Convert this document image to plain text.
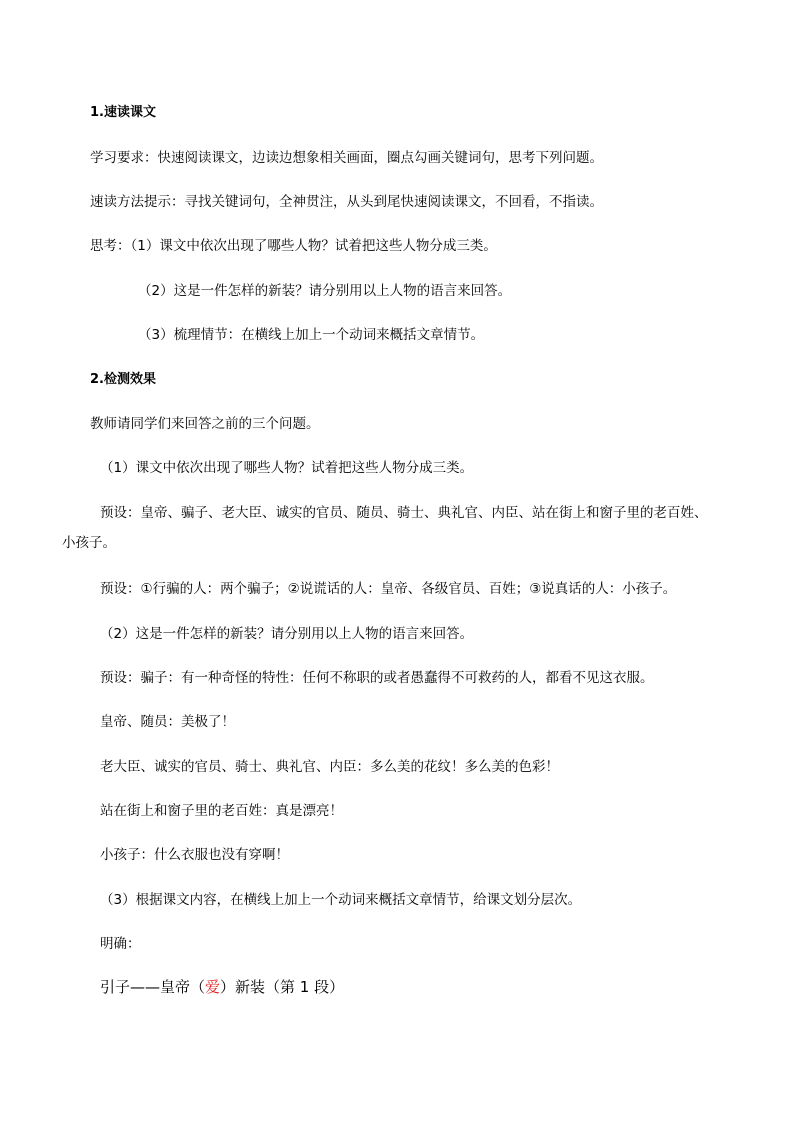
1.速读课文
学习要求：快速阅读课文，边读边想象相关画面，圈点勾画关键词句，思考下列问题。
速读方法提示：寻找关键词句，全神贯注，从头到尾快速阅读课文，不回看，不指读。
思考：（1）课文中依次出现了哪些人物？试着把这些人物分成三类。
（2）这是一件怎样的新装？请分别用以上人物的语言来回答。
（3）梳理情节：在横线上加上一个动词来概括文章情节。
2.检测效果
教师请同学们来回答之前的三个问题。
（1）课文中依次出现了哪些人物？试着把这些人物分成三类。
预设：皇帝、骗子、老大臣、诚实的官员、随员、骑士、典礼官、内臣、站在街上和窗子里的老百姓、
小孩子。
预设：①行骗的人：两个骗子；②说谎话的人：皇帝、各级官员、百姓；③说真话的人：小孩子。
（2）这是一件怎样的新装？请分别用以上人物的语言来回答。
预设：骗子：有一种奇怪的特性：任何不称职的或者愚蠢得不可救药的人，都看不见这衣服。
皇帝、随员：美极了！
老大臣、诚实的官员、骑士、典礼官、内臣：多么美的花纹！多么美的色彩！
站在街上和窗子里的老百姓：真是漂亮！
小孩子：什么衣服也没有穿啊！
（3）根据课文内容，在横线上加上一个动词来概括文章情节，给课文划分层次。
明确：
引子——皇帝（爱）新装（第 1 段）
